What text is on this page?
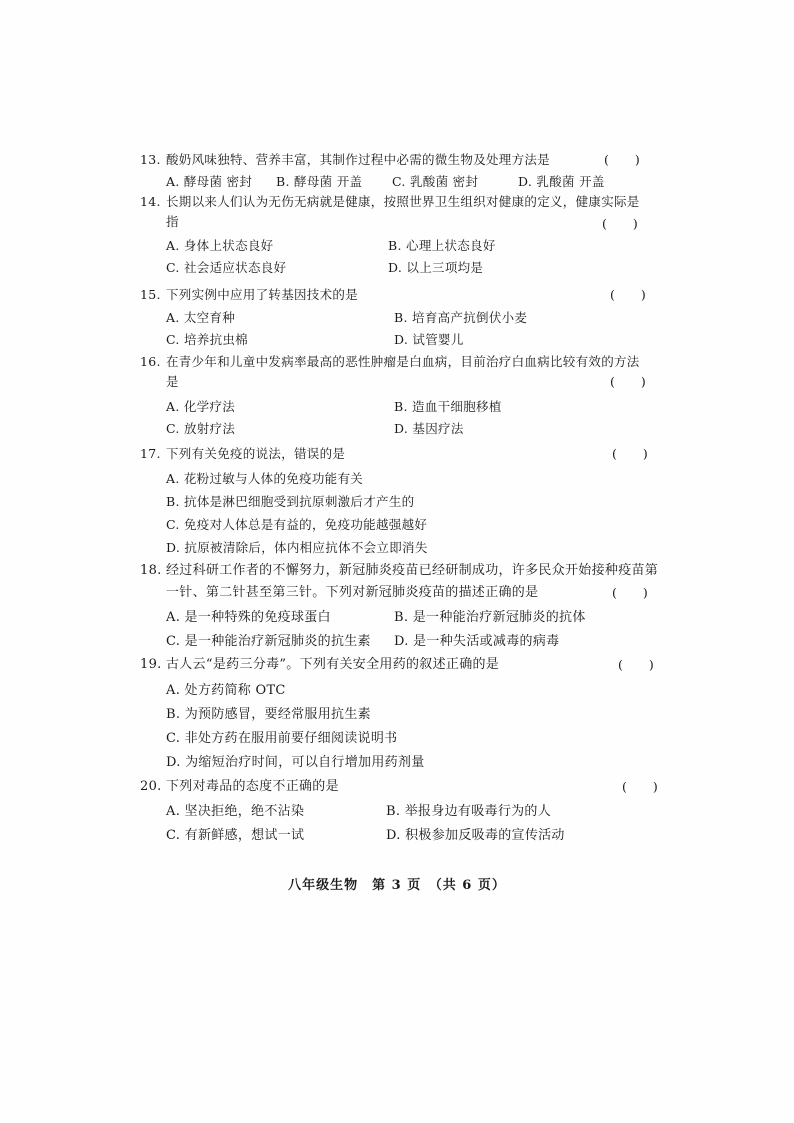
13. 酸奶风味独特、营养丰富，其制作过程中必需的微生物及处理方法是	(      )
A. 酵母菌 密封	B. 酵母菌 开盖	C. 乳酸菌 密封	D. 乳酸菌 开盖
14. 长期以来人们认为无伤无病就是健康，按照世界卫生组织对健康的定义，健康实际是
指	(      )
A. 身体上状态良好	B. 心理上状态良好
C. 社会适应状态良好	D. 以上三项均是
15. 下列实例中应用了转基因技术的是	(      )
A. 太空育种	B. 培育高产抗倒伏小麦
C. 培养抗虫棉	D. 试管婴儿
16. 在青少年和儿童中发病率最高的恶性肿瘤是白血病，目前治疗白血病比较有效的方法
是	(      )
A. 化学疗法	B. 造血干细胞移植
C. 放射疗法	D. 基因疗法
17. 下列有关免疫的说法，错误的是	(      )
A. 花粉过敏与人体的免疫功能有关
B. 抗体是淋巴细胞受到抗原刺激后才产生的
C. 免疫对人体总是有益的，免疫功能越强越好
D. 抗原被清除后，体内相应抗体不会立即消失
18. 经过科研工作者的不懈努力，新冠肺炎疫苗已经研制成功，许多民众开始接种疫苗第
一针、第二针甚至第三针。下列对新冠肺炎疫苗的描述正确的是	(      )
A. 是一种特殊的免疫球蛋白	B. 是一种能治疗新冠肺炎的抗体
C. 是一种能治疗新冠肺炎的抗生素	D. 是一种失活或减毒的病毒
19. 古人云“是药三分毒”。下列有关安全用药的叙述正确的是	(      )
A. 处方药简称 OTC
B. 为预防感冒，要经常服用抗生素
C. 非处方药在服用前要仔细阅读说明书
D. 为缩短治疗时间，可以自行增加用药剂量
20. 下列对毒品的态度不正确的是	(      )
A. 坚决拒绝，绝不沾染	B. 举报身边有吸毒行为的人
C. 有新鲜感，想试一试	D. 积极参加反吸毒的宣传活动
八年级生物　第 3 页　（共 6 页）
